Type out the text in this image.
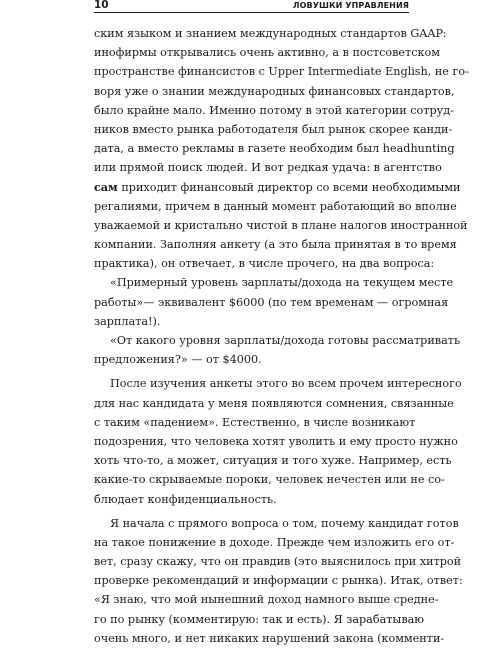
10	ЛОВУШКИ УПРАВЛЕНИЯ
ским языком и знанием международных стандартов GAAP:
инофирмы открывались очень активно, а в постсоветском
пространстве финансистов с Upper Intermediate English, не го-
воря уже о знании международных финансовых стандартов,
было крайне мало. Именно потому в этой категории сотруд-
ников вместо рынка работодателя был рынок скорее канди-
дата, а вместо рекламы в газете необходим был headhunting
или прямой поиск людей. И вот редкая удача: в агентство
сам приходит финансовый директор со всеми необходимыми
регалиями, причем в данный момент работающий во вполне
уважаемой и кристально чистой в плане налогов иностранной
компании. Заполняя анкету (а это была принятая в то время
практика), он отвечает, в числе прочего, на два вопроса:
«Примерный уровень зарплаты/дохода на текущем месте
работы»— эквивалент $6000 (по тем временам — огромная
зарплата!).
«От какого уровня зарплаты/дохода готовы рассматривать
предложения?» — от $4000.
После изучения анкеты этого во всем прочем интересного
для нас кандидата у меня появляются сомнения, связанные
с таким «падением». Естественно, в числе возникают
подозрения, что человека хотят уволить и ему просто нужно
хоть что-то, а может, ситуация и того хуже. Например, есть
какие-то скрываемые пороки, человек нечестен или не со-
блюдает конфиденциальность.
Я начала с прямого вопроса о том, почему кандидат готов
на такое понижение в доходе. Прежде чем изложить его от-
вет, сразу скажу, что он правдив (это выяснилось при хитрой
проверке рекомендаций и информации с рынка). Итак, ответ:
«Я знаю, что мой нынешний доход намного выше средне-
го по рынку (комментирую: так и есть). Я зарабатываю
очень много, и нет никаких нарушений закона (комменти-
